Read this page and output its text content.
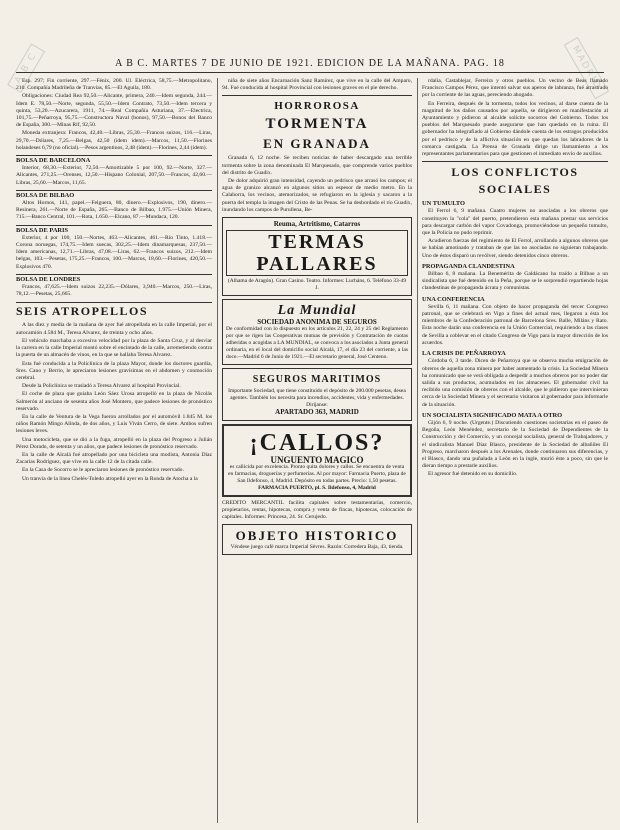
A B C	MADRID
A B C. MARTES 7 DE JUNIO DE 1921. EDICION DE LA MAÑANA. PAG. 18

Esp. 297; Fin corriente, 297.—Fénix, 200. Ul. Eléctrica, 58,75.—Metropolitano, 210. Compañía Madrileña de Tranvías, 85.—El Aguila, 180.

Obligaciones: Ciudad Rea 92,50.—Alicante, primera, 240.—Idem segunda, 244.—Idem E. 78,50.—Norte, segunda, 55,50.—Idem Contrato, 73,50.—Idem tercera y quinta, 53,20.—Azucarera, 1911, 74.—Real Compañía Asturiana, 37.—Electrica, 101,75.—Peñarroya, 95,75.—Constructora Naval (bonos), 97,50.—Bonos del Banco de España, 300.—Minas Rif, 92,50.

Moneda extranjera: Francos, 42,40.—Libras, 25,30.—Francos suizos, 116.—Liras, 29,70.—Dólares, 7,25.—Belgas, 42,50 (idem idem).—Marcos, 11,50.—Florines holandeses 6,79 (no oficial).—Pesos argentinos, 2,48 (ídem).—Florines, 2,44 (ídem).

BOLSA DE BARCELONA

Interior, 68,30.—Exterior, 72,50.—Amortizable 5 por 100, 92.—Norte, 327.—Alicantes, 271,25.—Orenses, 12,50.—Hispano Colonial, 207,50.—Francos, 42,60.—Libras, 25,60.—Marcos, 11,65.

BOLSA DE BILBAO

Altos Hornos, 141, papel.—Felguera, 80, dinero.—Explosivos, 190, dinero.—Resinera, 261.—Norte de España, 265.—Banco de Bilbao, 1.975.—Unión Minera, 715.—Banco Central, 101.—Rota, 1.650.—Elcano, 87.—Mundaca, 120.

BOLSA DE PARIS

Exterior, 4 por 100, 150.—Nortes, 463.—Alicantes, 461.—Río Tinto, 1.418.—Corona noruegas, 174,75.—Idem suecas, 302,25.—Idem dinamarquesas, 237,50.—Idem americanas, 12,71.—Libras, 47,08.—Liras, 62.—Francos suizos, 212.—Idem belgas, 103.—Pesetas, 175,25.—Francos, 100.—Marcos, 18,60.—Florines, 420,50.—Explosivos 470.

BOLSA DE LONDRES

Francos, 47,625.—Idem suizos 22,235.—Dólares, 3,940.—Marcos, 250.—Liras, 78,12.—Pesetas, 25,665.

SEIS ATROPELLOS

A las diez y media de la mañana de ayer fué atropellada en la calle Imperial, por el autocamión 4.584 M., Teresa Alvarez, de treinta y ocho años.

El vehículo marchaba a excesiva velocidad por la plaza de Santa Cruz, y al desviar la carrera en la calle Imperial montó sobre el encintado de la calle, arremetiendo contra la puerta de un almacén de vinos, en la que se hallaba Teresa Alvarez.

Esta fué conducida a la Policlínica de la plaza Mayor, donde los doctores guardia, Sres. Cano y Berrio, le apreciaron lesiones gravísimas en el abdomen y conmoción cerebral.

Desde la Policlínica se trasladó a Teresa Alvarez al hospital Provincial.

El coche de plaza que guiaba León Sáez Urosa atropelló en la plaza de Nicolás Salmerón al anciano de sesenta años José Montero, que padece lesiones de pronóstico reservado.

En la calle de Ventura de la Vega fueron arrollados por el automóvil 1.845 M. los niños Ramón Mingo Alinda, de dos años, y Luis Viván Cerro, de siete. Ambos sufren lesiones leves.

Una motocicleta, que se dió a la fuga, atropelló en la plaza del Progreso a Julián Pérez Dorado, de setenta y un años, que padece lesiones de pronóstico reservado.

En la calle de Alcalá fué atropellado por una bicicleta una modista, Antonia Díaz Zacarías Rodríguez, que vive en la calle 12 de la citada calle.

En la Casa de Socorro se le apreciaron lesiones de pronóstico reservado.

Un tranvía de la línea Chelés-Toledo atropelló ayer en la Ronda de Atocha a la

niña de siete años Encarnación Sanz Ramírez, que vive en la calle del Amparo, 94. Fué conducida al hospital Provincial con lesiones graves en el pie derecho.

HORROROSA
TORMENTA
EN GRANADA

Granada 6, 12 noche. Se reciben noticias de haber descargado una terrible tormenta sobre la zona denominada El Marquesado, que comprende varios pueblos del distrito de Guadix.

De dolor adquirió gran intensidad, cayendo un pedrisco que arrasó los campos; el agua de granizo alcanzó en algunos sitios un espesor de medio metro. En la Calahorra, los vecinos, atemorizados, se refugiaron en la iglesia y sacaron a la puerta del templo la imagen del Cristo de las Penas. Se ha desbordado el río Guadix, inundando los campos de Purullena, Be-

Reuma, Artritismo, Catarros
TERMAS PALLARES
(Alhama de Aragón). Gran Casino. Teatro. Informes: Lucháns, 6. Teléfono 33-49 J.
La Mundial
SOCIEDAD ANONIMA DE SEGUROS
De conformidad con lo dispuesto en los artículos 21, 22, 24 y 25 del Reglamento por que se rigen las Cooperativas mutuas de previsión y Contratación de cuotas adheridas o acogidas a LA MUNDIAL, se convoca a los asociados a Junta general ordinaria, en el local del domicilio social Alcalá, 17, el día 23 del corriente, a las doce.—Madrid 6 de Junio de 1921.—El secretario general, José Centeno.
SEGUROS MARITIMOS
Importante Sociedad, que tiene constituido el depósito de 200.000 pesetas, desea agentes. También los necesita para incendios, accidentes, vida y enfermedades. Dirijanse:
APARTADO 363, MADRID
¡CALLOS?
UNGUENTO MAGICO
es callicida por excelencia. Pronto quita dolores y callos. Se encuentra de venta en farmacias, droguerías y perfumerías. Al por mayor: Farmacia Puerto, plaza de San Ildefonso, 4, Madrid. Depósito en todas partes. Precio: 1,50 pesetas.
FARMACIA PUERTO, pl. S. Ildefonso, 4, Madrid

CREDITO MERCANTIL facilita capitales sobre testamentarías, comercio, propietarios, rentas, hipotecas, compra y venta de fincas, hipotecas, colocación de capitales. Informes: Princesa, 24. Sr. Cerujedo.

OBJETO HISTORICO
Véndese juego café marca Imperial Sèvres. Razón: Corredera Baja, 43, tienda.

rdalia, Castablejar, Ferreira y otros pueblos. Un vecino de Beas llamado Francisco Campos Pérez, que intentó salvar sus aperos de labranza, fué arrastrado por la corriente de las aguas, pereciendo ahogado.

En Ferreira, después de la tormenta, todos los vecinos, al darse cuenta de la magnitud de los daños causados por aquella, se dirigieron en manifestación al Ayuntamiento y pidieron al alcalde solicite socorros del Gobierno. Todos los pueblos del Marquesado puede asegurarse que han quedado en la ruina. El gobernador ha telegrafiado al Gobierno dándole cuenta de los estragos producidos por el pedrisco y de la aflictiva situación en que quedan los labradores de la comarca castigada. La Prensa de Granada dirige un llamamiento a los representantes parlamentarios para que gestionen el inmediato envío de auxilios.

LOS CONFLICTOS
SOCIALES
UN TUMULTO

El Ferrol 6, 9 mañana. Cuatro mujeres no asociadas a los obreros que constituyen la "cola" del puerto, pretendieron esta mañana prestar sus servicios para descargar carbón del vapor Covadonga, promoviéndose un pequeño tumulto, que la Policía no pudo reprimir.

Acudieron fuerzas del regimiento de El Ferrol, arrollando a algunos obreros que se habían amotinado y trataban de que las no asociadas no siguieran trabajando. Uno de éstos disparó un revólver, siendo detenidos cinco obreros.

PROPAGANDA CLANDESTINA

Bilbao 6, 8 mañana. La Benemérita de Galdácano ha traído a Bilbao a un sindicalista que fué detenido en la Peña, porque se le sorprendió repartiendo hojas clandestinas de propaganda ácrata y comunistas.

UNA CONFERENCIA

Sevilla 6, 11 mañana. Con objeto de hacer propaganda del tercer Congreso patronal, que se celebrará en Vigo a fines del actual mes, llegaron a ésta los miembros de la Confederación patronal de Barcelona Sres. Balle, Miláns y Rato. Esta noche darán una conferencia en la Unión Comercial, requiriendo a las clases de Sevilla a coblevar en el citado Congreso de Vigo para la mayor dirección de los acuerdos.

LA CRISIS DE PEÑARROYA

Córdoba 6, 3 tarde. Dicen de Peñarroya que se observa mucha emigración de obreros de aquella zona minera por haber aumentado la crisis. La Sociedad Minera ha comunicado que se verá obligada a despedir a muchos obreros por no poder dar salida a sus productos, acumulados en los almacenes. El gobernador civil ha recibido una comisión de obreros con el alcalde, que le pidieron que intervinieran cerca de la Sociedad Minera y el secretario visitaron al gobernador para informarle de la situación.

UN SOCIALISTA SIGNIFICADO MATA A OTRO

Gijón 6, 9 noche. (Urgente.) Discutiendo cuestiones societarias en el paseo de Begoña, León Menéndez, secretario de la Sociedad de Dependientes de la Construcción y del Comercio, y un concejal socialista, general de Trabajadores, y el sindicalista Manuel Díaz Blasco, presidente de la Sociedad de albañiles El Progreso, marcharon después a los Arenales, donde continuaron sus diferencias, y el Blasco, dando una puñalada a León en la ingle, murió éste a poco, sin que le dieran tiempo a prestarle auxilios.

El agresor fué detenido en su domicilio.
